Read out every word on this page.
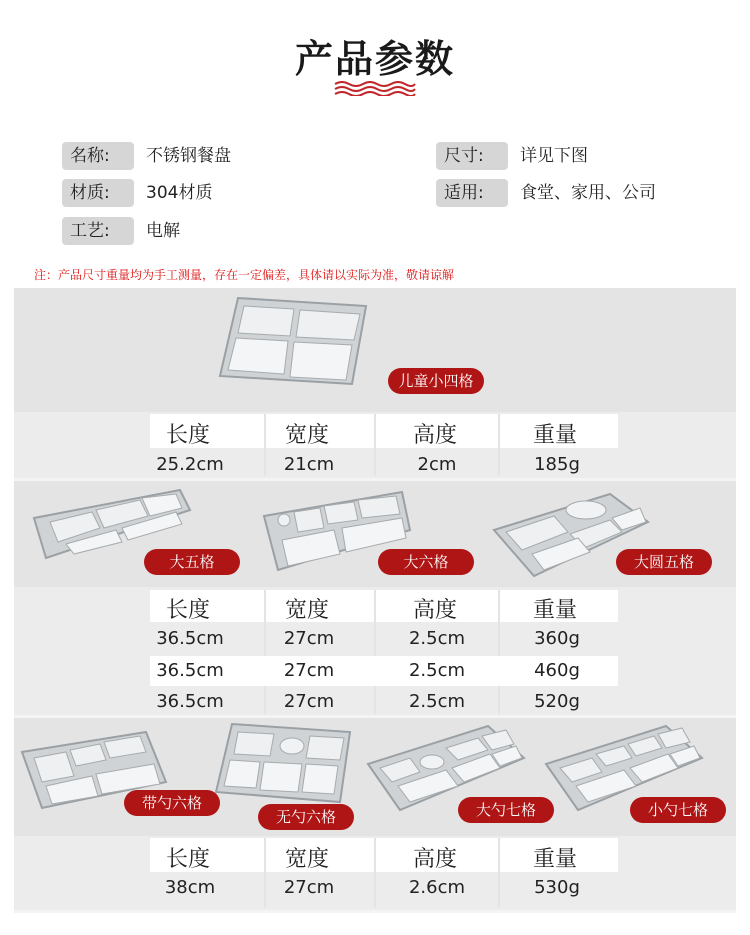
产品参数
名称:	不锈钢餐盘
材质:	304材质
工艺:	电解
尺寸:	详见下图
适用:	食堂、家用、公司
注：产品尺寸重量均为手工测量，存在一定偏差，具体请以实际为准，敬请谅解
儿童小四格
长度	宽度	高度	重量
25.2cm	21cm	2cm	185g
大五格	大六格	大圆五格
长度	宽度	高度	重量
36.5cm	27cm	2.5cm	360g
36.5cm	27cm	2.5cm	460g
36.5cm	27cm	2.5cm	520g
带勺六格
无勺六格	大勺七格	小勺七格
长度	宽度	高度	重量
38cm	27cm	2.6cm	530g
